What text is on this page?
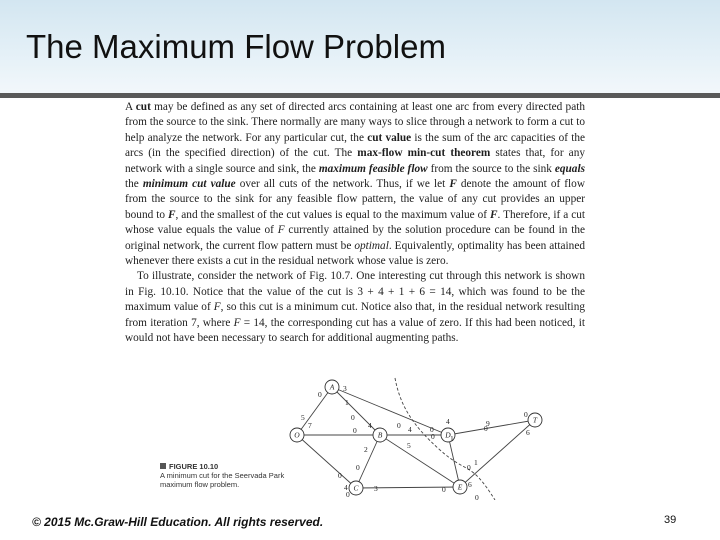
The Maximum Flow Problem

A cut may be defined as any set of directed arcs containing at least one arc from every directed path from the source to the sink. There normally are many ways to slice through a network to form a cut to help analyze the network. For any particular cut, the cut value is the sum of the arc capacities of the arcs (in the specified direction) of the cut. The max-flow min-cut theorem states that, for any network with a single source and sink, the maximum feasible flow from the source to the sink equals the minimum cut value over all cuts of the network. Thus, if we let F denote the amount of flow from the source to the sink for any feasible flow pattern, the value of any cut provides an upper bound to F, and the smallest of the cut values is equal to the maximum value of F. Therefore, if a cut whose value equals the value of F currently attained by the solution procedure can be found in the original network, the current flow pattern must be optimal. Equivalently, optimality has been attained whenever there exists a cut in the residual network whose value is zero.

To illustrate, consider the network of Fig. 10.7. One interesting cut through this network is shown in Fig. 10.10. Notice that the value of the cut is 3 + 4 + 1 + 6 = 14, which was found to be the maximum value of F, so this cut is a minimum cut. Notice also that, in the residual network resulting from iteration 7, where F = 14, the corresponding cut has a value of zero. If this had been noticed, it would not have been necessary to search for additional augmenting paths.

O
A
B
C
D
E
T
0
5
7
3
1
0
4
0
2
0
0
4	3
0 4
5
0
0
4
1
1
0
0
6
0
9
0
6
0
0
FIGURE 10.10
A minimum cut for the Seervada Park maximum flow problem.
© 2015 Mc.Graw-Hill Education. All rights reserved.	39
